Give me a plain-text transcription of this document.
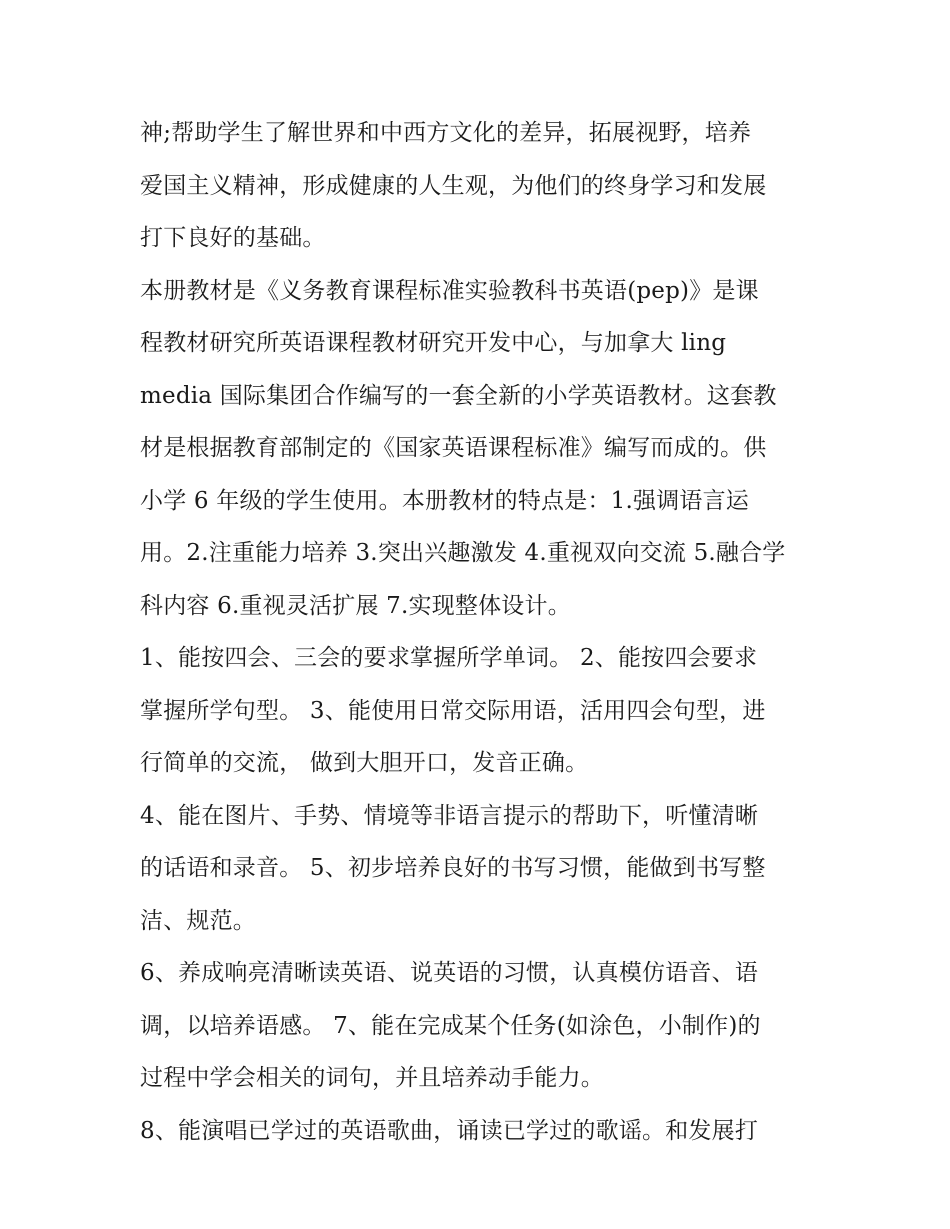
神;帮助学生了解世界和中西方文化的差异，拓展视野，培养
爱国主义精神，形成健康的人生观，为他们的终身学习和发展
打下良好的基础。
本册教材是《义务教育课程标准实验教科书英语(pep)》是课
程教材研究所英语课程教材研究开发中心，与加拿大 ling
media 国际集团合作编写的一套全新的小学英语教材。这套教
材是根据教育部制定的《国家英语课程标准》编写而成的。供
小学 6 年级的学生使用。本册教材的特点是：1.强调语言运
用。2.注重能力培养 3.突出兴趣激发 4.重视双向交流 5.融合学
科内容 6.重视灵活扩展 7.实现整体设计。
1、能按四会、三会的要求掌握所学单词。 2、能按四会要求
掌握所学句型。 3、能使用日常交际用语，活用四会句型，进
行简单的交流， 做到大胆开口，发音正确。
4、能在图片、手势、情境等非语言提示的帮助下，听懂清晰
的话语和录音。 5、初步培养良好的书写习惯，能做到书写整
洁、规范。
6、养成响亮清晰读英语、说英语的习惯，认真模仿语音、语
调，以培养语感。 7、能在完成某个任务(如涂色，小制作)的
过程中学会相关的词句，并且培养动手能力。
8、能演唱已学过的英语歌曲，诵读已学过的歌谣。和发展打
